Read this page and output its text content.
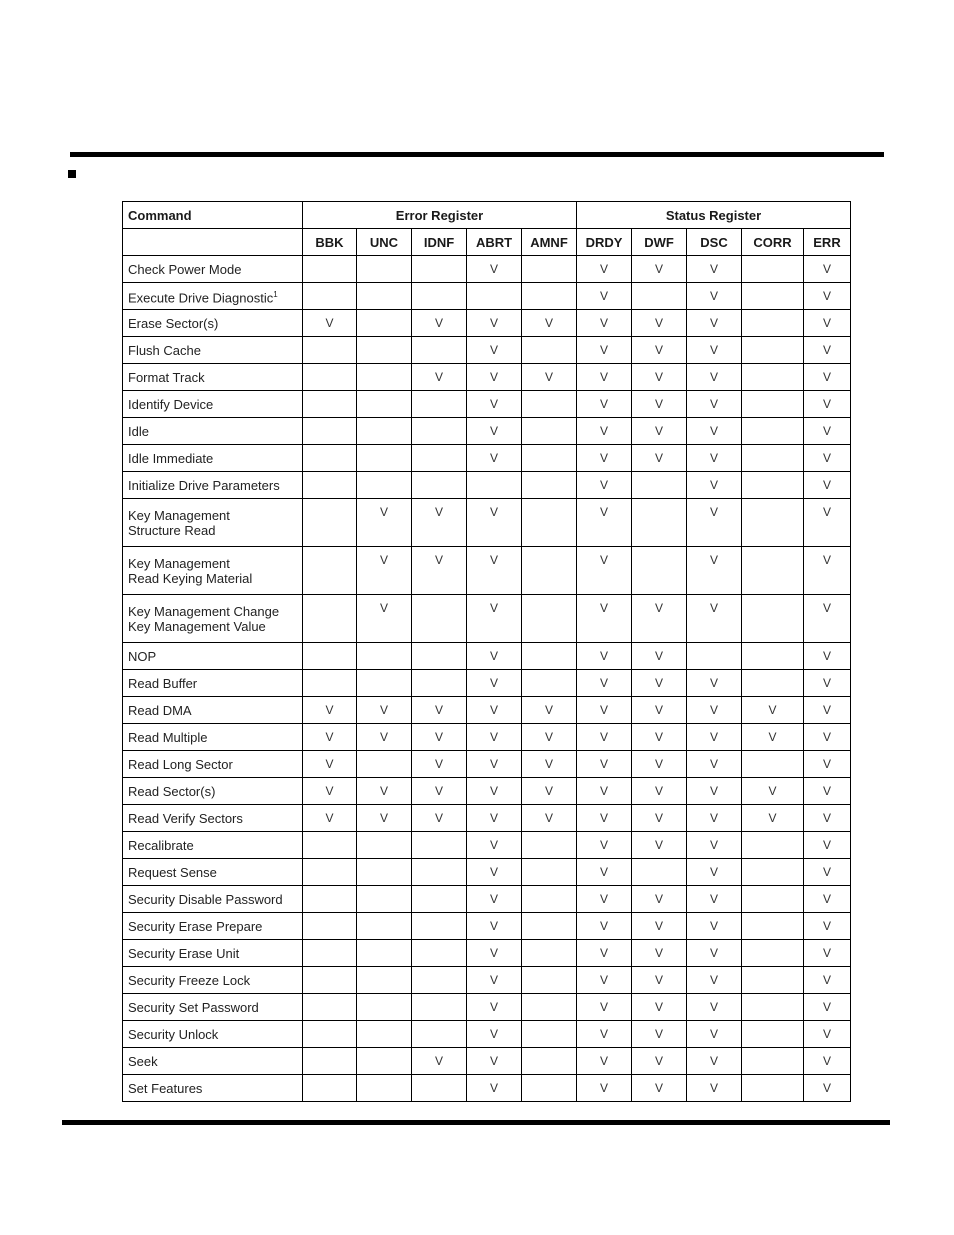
Command	Error Register					Status Register				
	BBK	UNC	IDNF	ABRT	AMNF	DRDY	DWF	DSC	CORR	ERR
Check Power Mode				V		V	V	V		V
Execute Drive Diagnostic$^1$						V		V		V
Erase Sector(s)	V		V	V	V	V	V	V		V
Flush Cache				V		V	V	V		V
Format Track			V	V	V	V	V	V		V
Identify Device				V		V	V	V		V
Idle				V		V	V	V		V
Idle Immediate				V		V	V	V		V
Initialize Drive Parameters						V		V		V
Key Management
Structure Read		V	V	V		V		V		V
Key Management
Read Keying Material		V	V	V		V		V		V
Key Management Change
Key Management Value		V		V		V	V	V		V
NOP				V		V	V			V
Read Buffer				V		V	V	V		V
Read DMA	V	V	V	V	V	V	V	V	V	V
Read Multiple	V	V	V	V	V	V	V	V	V	V
Read Long Sector	V		V	V	V	V	V	V		V
Read Sector(s)	V	V	V	V	V	V	V	V	V	V
Read Verify Sectors	V	V	V	V	V	V	V	V	V	V
Recalibrate				V		V	V	V		V
Request Sense				V		V		V		V
Security Disable Password				V		V	V	V		V
Security Erase Prepare				V		V	V	V		V
Security Erase Unit				V		V	V	V		V
Security Freeze Lock				V		V	V	V		V
Security Set Password				V		V	V	V		V
Security Unlock				V		V	V	V		V
Seek			V	V		V	V	V		V
Set Features				V		V	V	V		V
